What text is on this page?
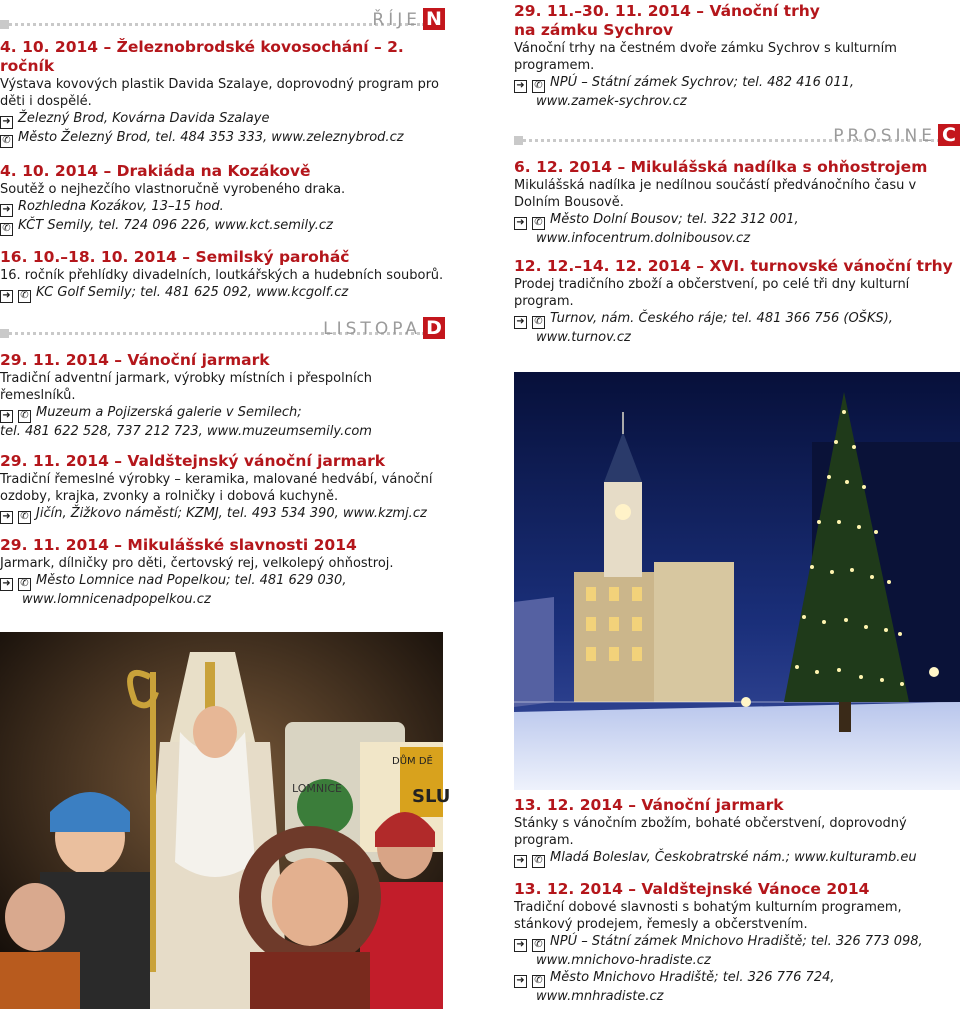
ŘÍJE N
4. 10. 2014 – Železnobrodské kovosochání – 2. ročník

Výstava kovových plastik Davida Szalaye, doprovodný program pro děti i dospělé.

➜ Železný Brod, Kovárna Davida Szalaye
✆ Město Železný Brod, tel. 484 353 333, www.zeleznybrod.cz
4. 10. 2014 – Drakiáda na Kozákově

Soutěž o nejhezčího vlastnoručně vyrobeného draka.

➜ Rozhledna Kozákov, 13–15 hod.
✆ KČT Semily, tel. 724 096 226, www.kct.semily.cz
16. 10.–18. 10. 2014 – Semilský paroháč

16. ročník přehlídky divadelních, loutkářských a hudebních souborů.

➜ ✆ KC Golf Semily; tel. 481 625 092, www.kcgolf.cz
LISTOPA D
29. 11. 2014 – Vánoční jarmark

Tradiční adventní jarmark, výrobky místních i přespolních řemeslníků.

➜ ✆ Muzeum a Pojizerská galerie v Semilech;
tel. 481 622 528, 737 212 723, www.muzeumsemily.com
29. 11. 2014 – Valdštejnský vánoční jarmark

Tradiční řemeslné výrobky – keramika, malované hedvábí, vánoční ozdoby, krajka, zvonky a rolničky i dobová kuchyně.

➜ ✆ Jičín, Žižkovo náměstí; KZMJ, tel. 493 534 390, www.kzmj.cz
29. 11. 2014 – Mikulášské slavnosti 2014

Jarmark, dílničky pro děti, čertovský rej, velkolepý ohňostroj.

➜ ✆ Město Lomnice nad Popelkou; tel. 481 629 030,
www.lomnicenadpopelkou.cz
LOMNICE
DŮM DĚ
SLU
29. 11.–30. 11. 2014 – Vánoční trhy na zámku Sychrov

Vánoční trhy na čestném dvoře zámku Sychrov s kulturním programem.

➜ ✆ NPÚ – Státní zámek Sychrov; tel. 482 416 011,
www.zamek-sychrov.cz
PROSINE C
6. 12. 2014 – Mikulášská nadílka s ohňostrojem

Mikulášská nadílka je nedílnou součástí předvánočního času v Dolním Bousově.

➜ ✆ Město Dolní Bousov; tel. 322 312 001,
www.infocentrum.dolnibousov.cz
12. 12.–14. 12. 2014 – XVI. turnovské vánoční trhy

Prodej tradičního zboží a občerstvení, po celé tři dny kulturní program.

➜ ✆ Turnov, nám. Českého ráje; tel. 481 366 756 (OŠKS),
www.turnov.cz
13. 12. 2014 – Vánoční jarmark

Stánky s vánočním zbožím, bohaté občerstvení, doprovodný program.

➜ ✆ Mladá Boleslav, Českobratrské nám.; www.kulturamb.eu
13. 12. 2014 – Valdštejnské Vánoce 2014

Tradiční dobové slavnosti s bohatým kulturním programem, stánkový prodejem, řemesly a občerstvením.

➜ ✆ NPÚ – Státní zámek Mnichovo Hradiště; tel. 326 773 098,
www.mnichovo-hradiste.cz
➜ ✆ Město Mnichovo Hradiště; tel. 326 776 724,
www.mnhradiste.cz
